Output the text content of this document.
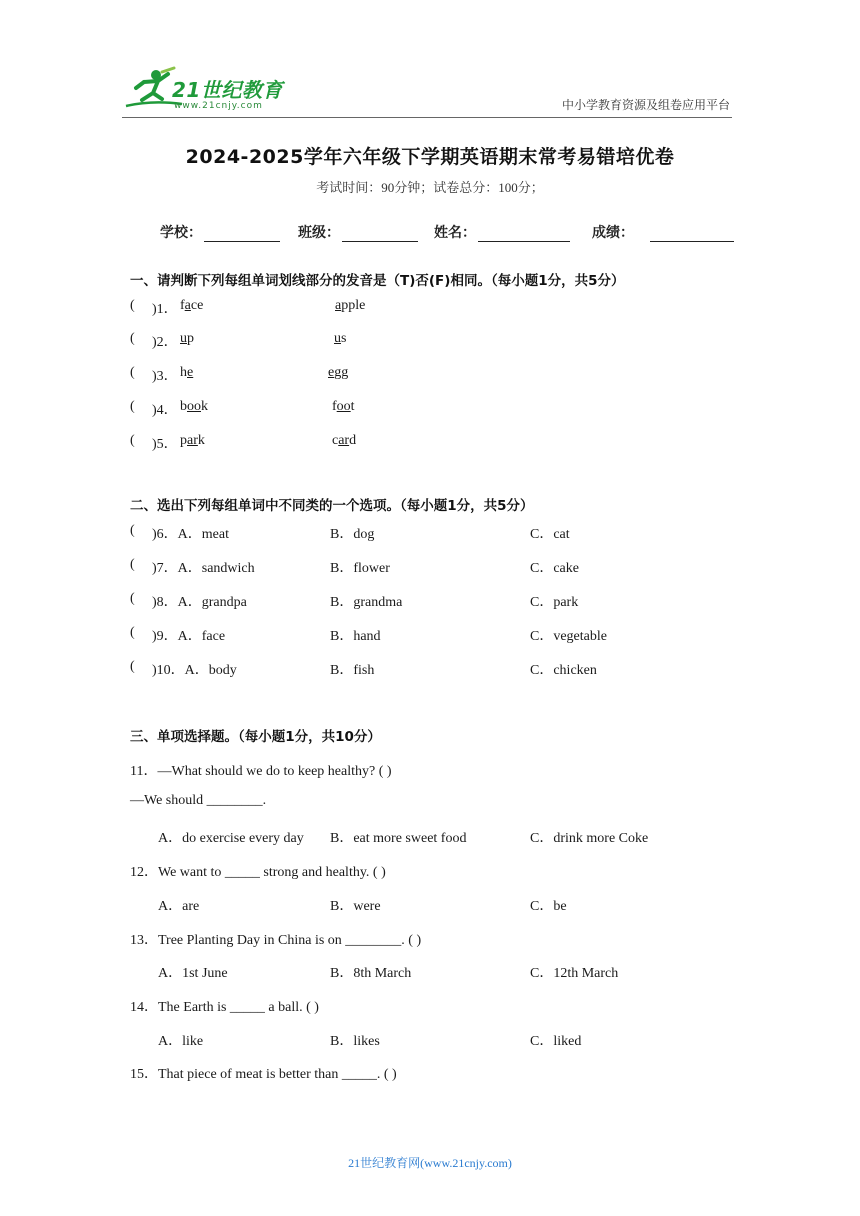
21世纪教育
www.21cnjy.com	中小学教育资源及组卷应用平台
2024-2025学年六年级下学期英语期末常考易错培优卷
考试时间：90分钟；试卷总分：100分；
学校：	班级：	姓名：	成绩：
一、请判断下列每组单词划线部分的发音是（T)否(F)相同。（每小题1分，共5分）
( )1． face	apple
( )2． up	us
( )3． he	egg
( )4． book	foot
( )5． park	card
二、选出下列每组单词中不同类的一个选项。（每小题1分，共5分）
( )6．A．meat	B．dog	C．cat
( )7．A．sandwich	B．flower	C．cake
( )8．A．grandpa	B．grandma	C．park
( )9．A．face	B．hand	C．vegetable
( )10．A．body	B．fish	C．chicken
三、单项选择题。（每小题1分，共10分）
11．—What should we do to keep healthy? ( )
—We should ________.
A．do exercise every day B．eat more sweet food	C．drink more Coke
12．We want to _____ strong and healthy. ( )
A．are	B．were	C．be
13．Tree Planting Day in China is on ________. ( )
A．1st June	B．8th March	C．12th March
14．The Earth is _____ a ball. ( )
A．like	B．likes	C．liked
15．That piece of meat is better than _____. ( )
21世纪教育网(www.21cnjy.com)
